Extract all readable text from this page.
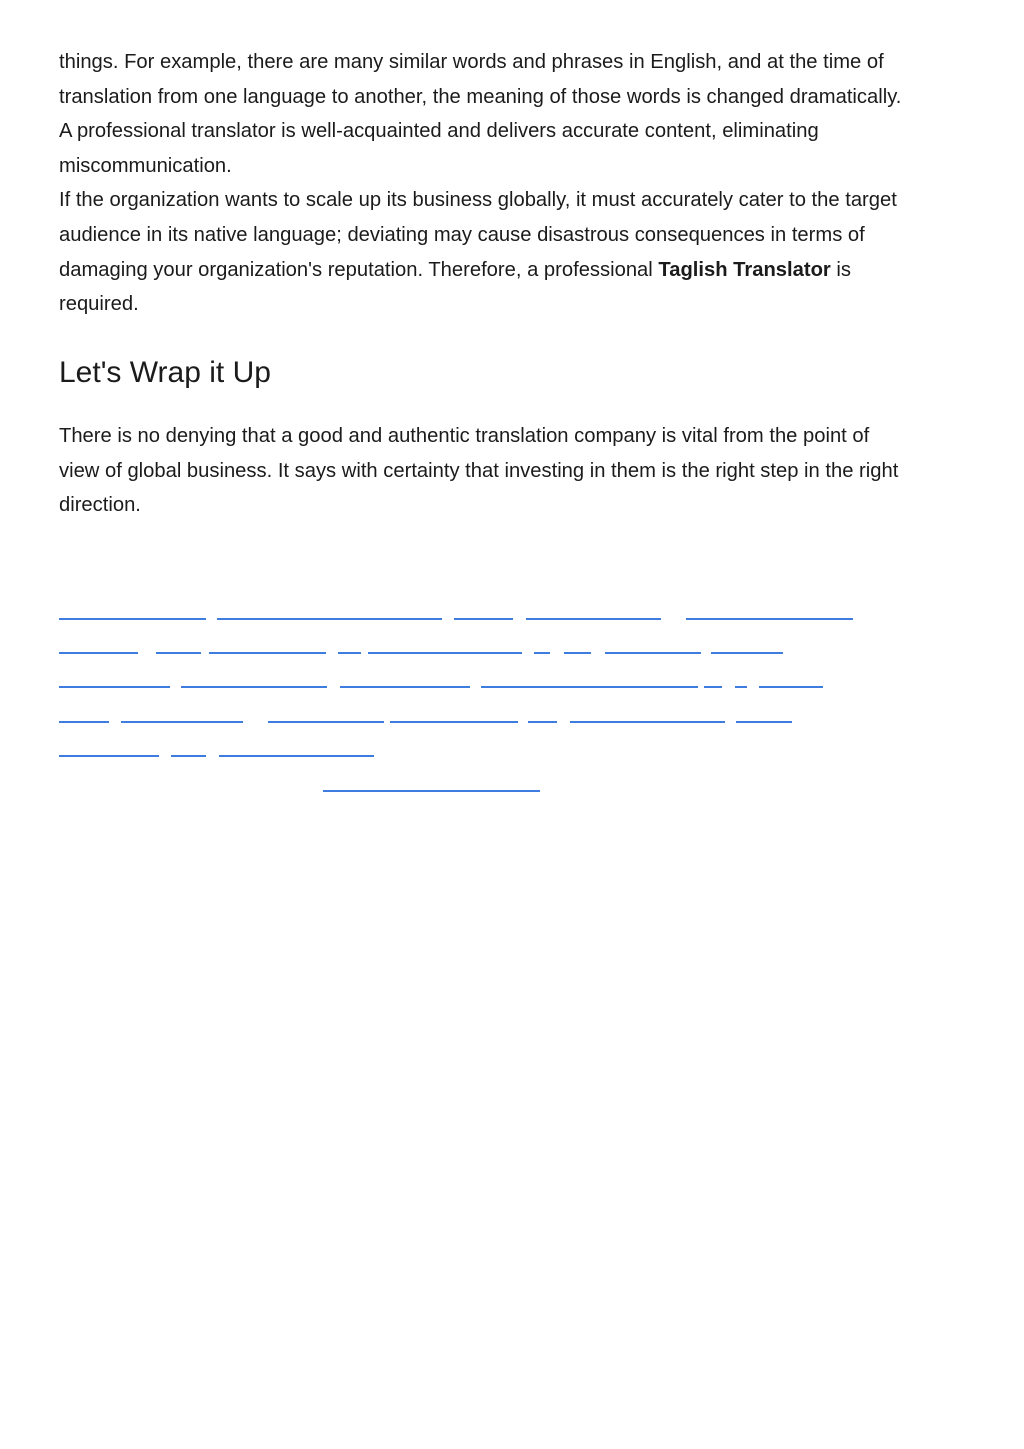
things. For example, there are many similar words and phrases in English, and at the time of

translation from one language to another, the meaning of those words is changed dramatically.

A professional translator is well-acquainted and delivers accurate content, eliminating

miscommunication.

If the organization wants to scale up its business globally, it must accurately cater to the target

audience in its native language; deviating may cause disastrous consequences in terms of

damaging your organization's reputation. Therefore, a professional Taglish Translator is

required.

Let's Wrap it Up

There is no denying that a good and authentic translation company is vital from the point of

view of global business. It says with certainty that investing in them is the right step in the right

direction.
